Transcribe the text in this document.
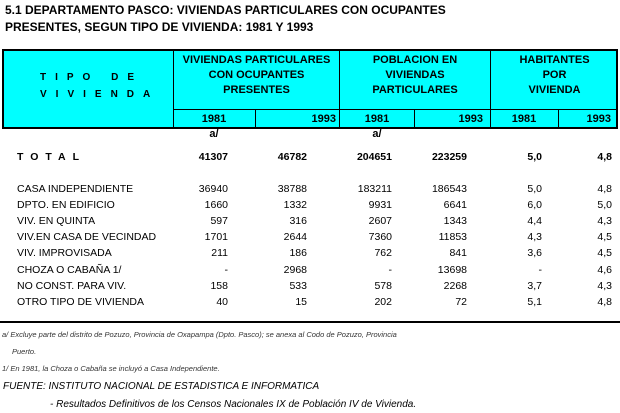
5.1 DEPARTAMENTO PASCO: VIVIENDAS PARTICULARES CON OCUPANTES
PRESENTES, SEGUN TIPO DE VIVIENDA: 1981 Y 1993
TIPO DE
VIVIENDA
VIVIENDAS PARTICULARES
CON OCUPANTES
PRESENTES
POBLACION EN
VIVIENDAS
PARTICULARES
HABITANTES
POR
VIVIENDA
1981	1993	1981	1993	1981	1993
a/	a/
TOTAL	41307	46782	204651	223259	5,0	4,8
CASA INDEPENDIENTE	36940	38788	183211	186543	5,0	4,8
DPTO. EN EDIFICIO	1660	1332	9931	6641	6,0	5,0
VIV. EN QUINTA	597	316	2607	1343	4,4	4,3
VIV.EN CASA DE VECINDAD	1701	2644	7360	11853	4,3	4,5
VIV. IMPROVISADA	211	186	762	841	3,6	4,5
CHOZA O CABAÑA 1/	-	2968	-	13698	-	4,6
NO CONST. PARA VIV.	158	533	578	2268	3,7	4,3
OTRO TIPO DE VIVIENDA	40	15	202	72	5,1	4,8
a/ Excluye parte del distrito de Pozuzo, Provincia de Oxapampa (Dpto. Pasco); se anexa al Codo de Pozuzo, Provincia
Puerto.
1/ En 1981, la Choza o Cabaña se incluyó a Casa Independiente.
FUENTE: INSTITUTO NACIONAL DE ESTADISTICA E INFORMATICA
- Resultados Definitivos de los Censos Nacionales IX de Población IV de Vivienda.
